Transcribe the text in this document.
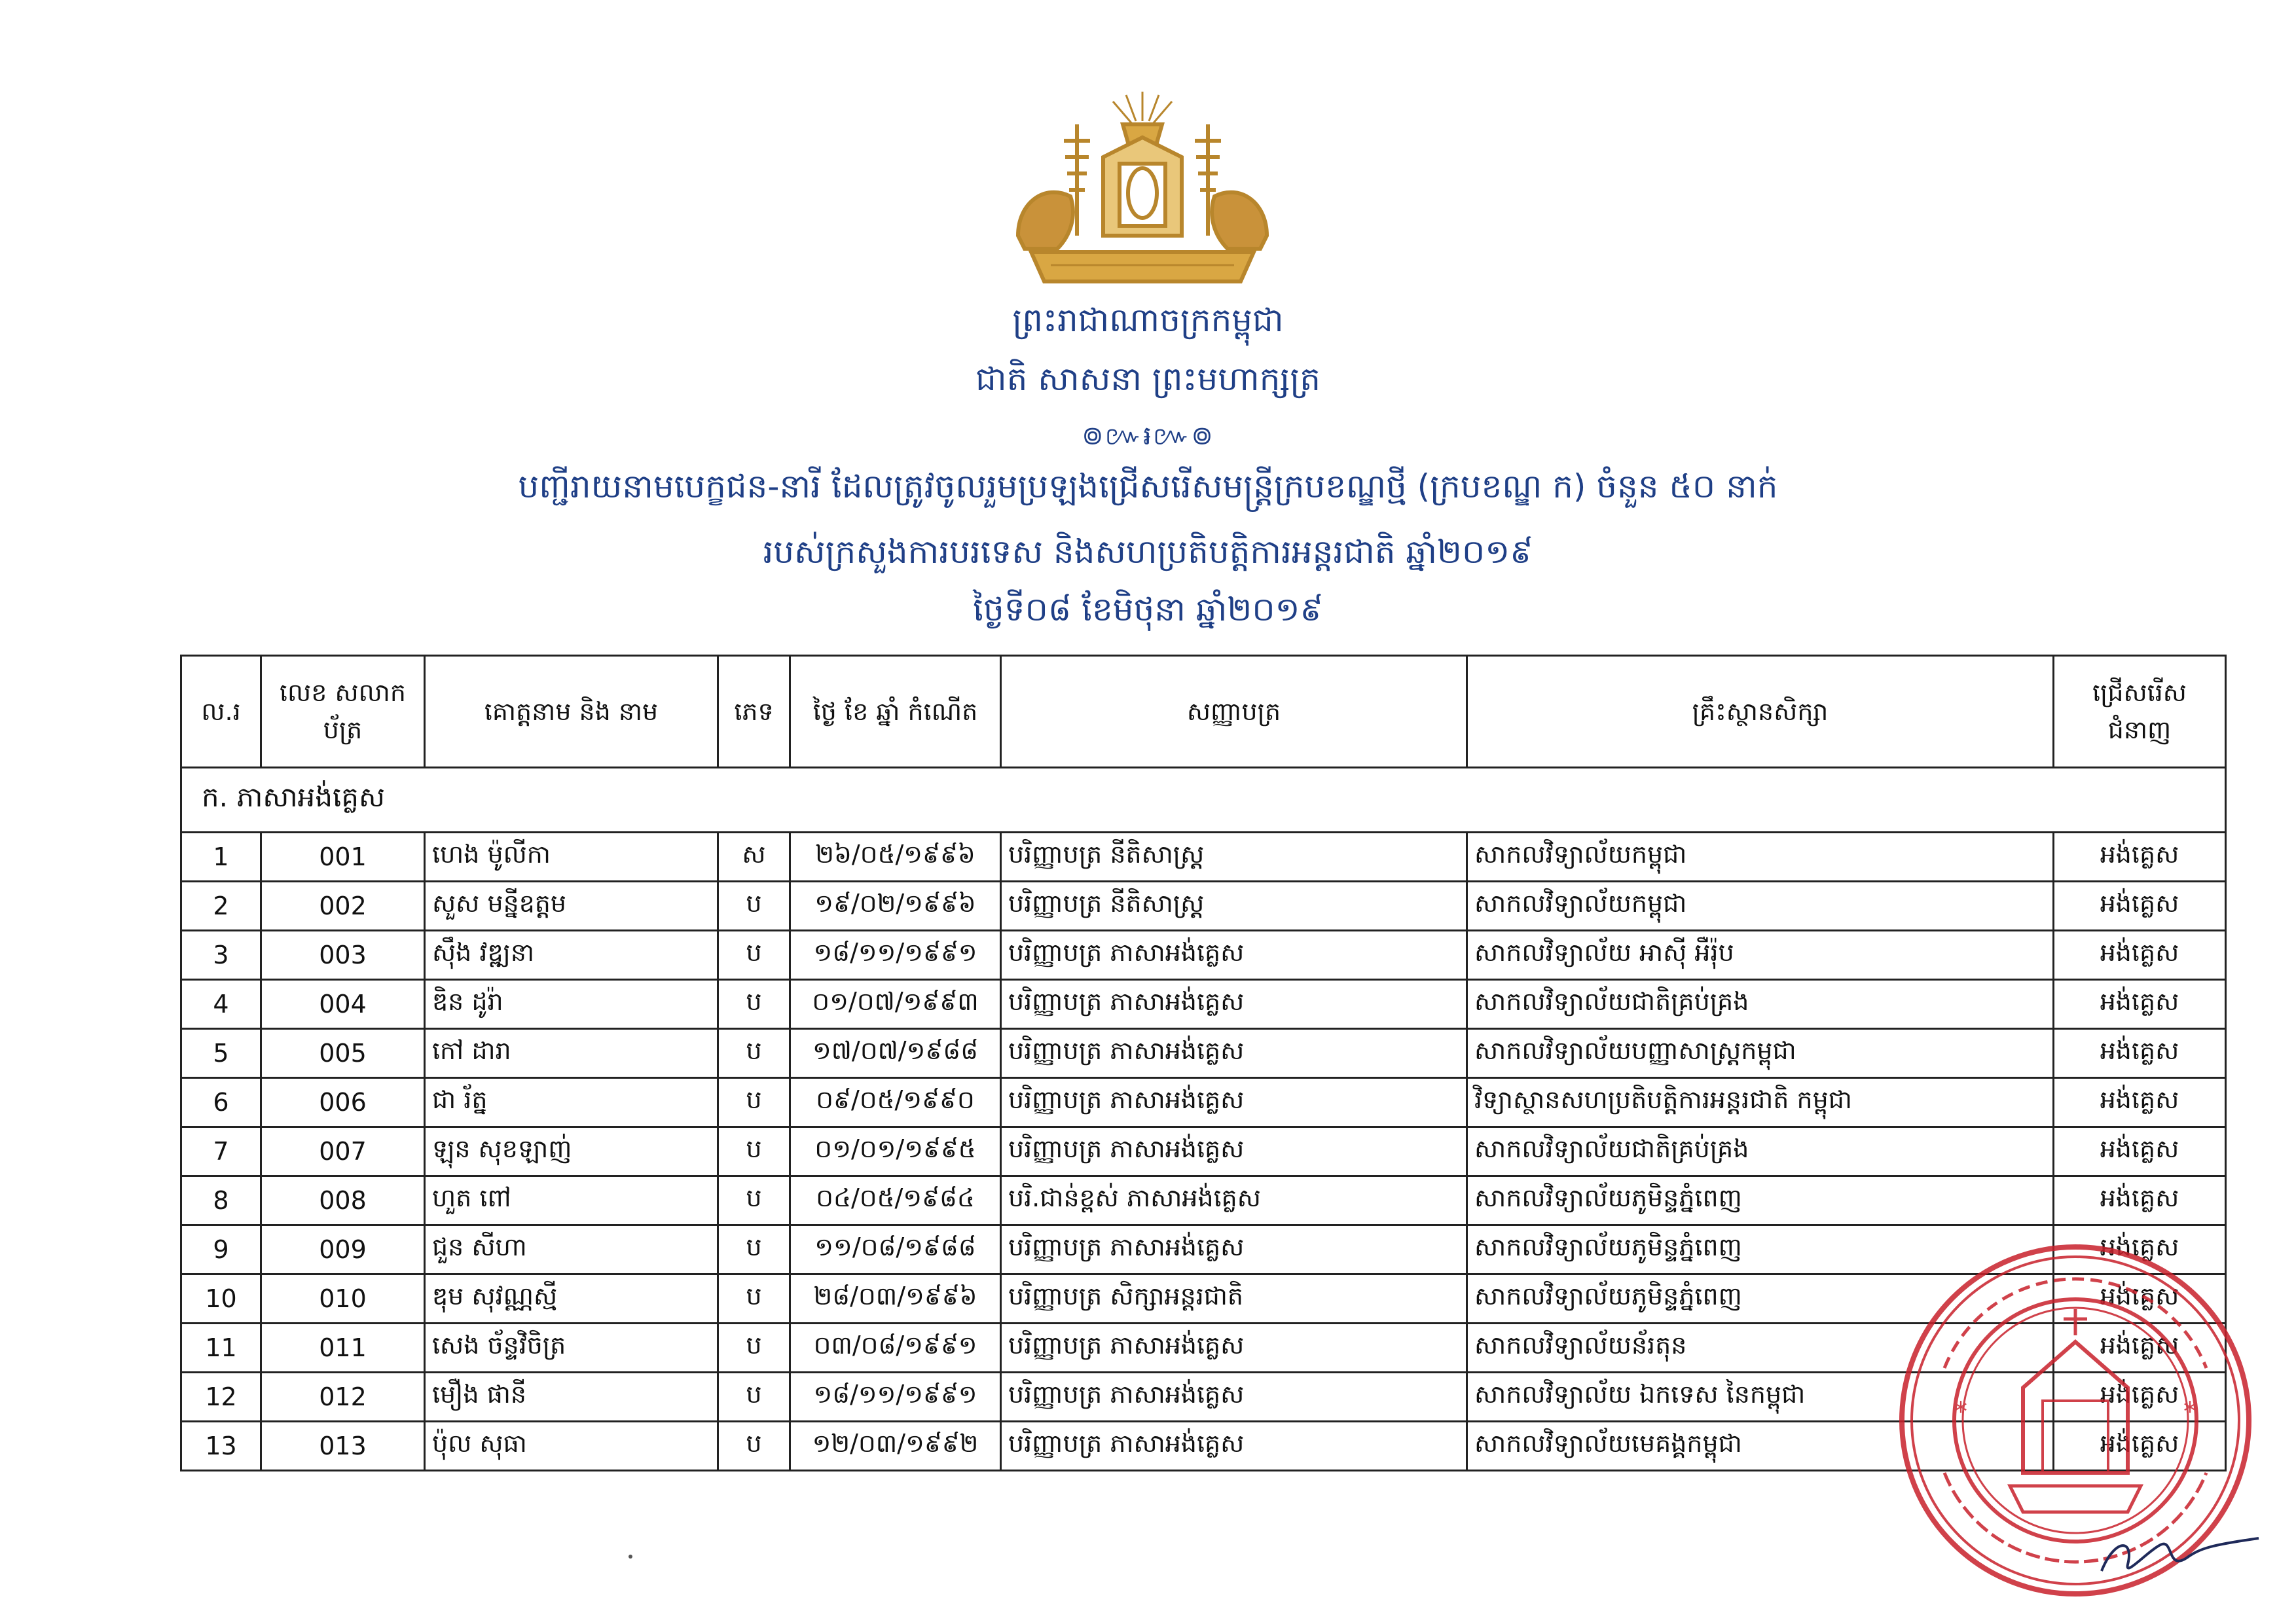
ព្រះរាជាណាចក្រកម្ពុជា
ជាតិ សាសនា ព្រះមហាក្សត្រ
៙៚៛៚៙
បញ្ជីរាយនាមបេក្ខជន-នារី ដែលត្រូវចូលរួមប្រឡងជ្រើសរើសមន្ត្រីក្របខណ្ឌថ្មី (ក្របខណ្ឌ ក) ចំនួន ៥០ នាក់
របស់ក្រសួងការបរទេស និងសហប្រតិបត្តិការអន្តរជាតិ ឆ្នាំ២០១៩
ថ្ងៃទី០៨ ខែមិថុនា ឆ្នាំ២០១៩
ល.រ	លេខ សលាកប័ត្រ	គោត្តនាម និង នាម	ភេទ	ថ្ងៃ ខែ ឆ្នាំ កំណើត	សញ្ញាបត្រ	គ្រឹះស្ថានសិក្សា	ជ្រើសរើស ជំនាញ
ក. ភាសាអង់គ្លេស							
1	001	ហេង ម៉ូលីកា	ស	២៦/០៥/១៩៩៦	បរិញ្ញាបត្រ នីតិសាស្ត្រ	សាកលវិទ្យាល័យកម្ពុជា	អង់គ្លេស
2	002	សួស មន្នីឧត្តម	ប	១៩/០២/១៩៩៦	បរិញ្ញាបត្រ នីតិសាស្ត្រ	សាកលវិទ្យាល័យកម្ពុជា	អង់គ្លេស
3	003	ស៊ឹង វឌ្ឍនា	ប	១៨/១១/១៩៩១	បរិញ្ញាបត្រ ភាសាអង់គ្លេស	សាកលវិទ្យាល័យ អាស៊ី អឺរ៉ុប	អង់គ្លេស
4	004	ឌិន ដូរ៉ា	ប	០១/០៧/១៩៩៣	បរិញ្ញាបត្រ ភាសាអង់គ្លេស	សាកលវិទ្យាល័យជាតិគ្រប់គ្រង	អង់គ្លេស
5	005	កៅ ដារា	ប	១៧/០៧/១៩៨៨	បរិញ្ញាបត្រ ភាសាអង់គ្លេស	សាកលវិទ្យាល័យបញ្ញាសាស្ត្រកម្ពុជា	អង់គ្លេស
6	006	ជា រ័ត្ន	ប	០៩/០៥/១៩៩០	បរិញ្ញាបត្រ ភាសាអង់គ្លេស	វិទ្យាស្ថានសហប្រតិបត្តិការអន្តរជាតិ កម្ពុជា	អង់គ្លេស
7	007	ឡុន សុខឡាញ់	ប	០១/០១/១៩៩៥	បរិញ្ញាបត្រ ភាសាអង់គ្លេស	សាកលវិទ្យាល័យជាតិគ្រប់គ្រង	អង់គ្លេស
8	008	ហួត ពៅ	ប	០៤/០៥/១៩៨៤	បរិ.ជាន់ខ្ពស់ ភាសាអង់គ្លេស	សាកលវិទ្យាល័យភូមិន្ទភ្នំពេញ	អង់គ្លេស
9	009	ជួន សីហា	ប	១១/០៨/១៩៨៨	បរិញ្ញាបត្រ ភាសាអង់គ្លេស	សាកលវិទ្យាល័យភូមិន្ទភ្នំពេញ	អង់គ្លេស
10	010	ឌុម សុវណ្ណស្មី	ប	២៨/០៣/១៩៩៦	បរិញ្ញាបត្រ សិក្សាអន្តរជាតិ	សាកលវិទ្យាល័យភូមិន្ទភ្នំពេញ	អង់គ្លេស
11	011	សេង ច័ន្ទវិចិត្រ	ប	០៣/០៨/១៩៩១	បរិញ្ញាបត្រ ភាសាអង់គ្លេស	សាកលវិទ្យាល័យន័រតុន	អង់គ្លេស
12	012	មឿង ផានី	ប	១៨/១១/១៩៩១	បរិញ្ញាបត្រ ភាសាអង់គ្លេស	សាកលវិទ្យាល័យ ឯកទេស នៃកម្ពុជា	អង់គ្លេស
13	013	ប៉ុល សុធា	ប	១២/០៣/១៩៩២	បរិញ្ញាបត្រ ភាសាអង់គ្លេស	សាកលវិទ្យាល័យមេគង្គកម្ពុជា	អង់គ្លេស
*	*
